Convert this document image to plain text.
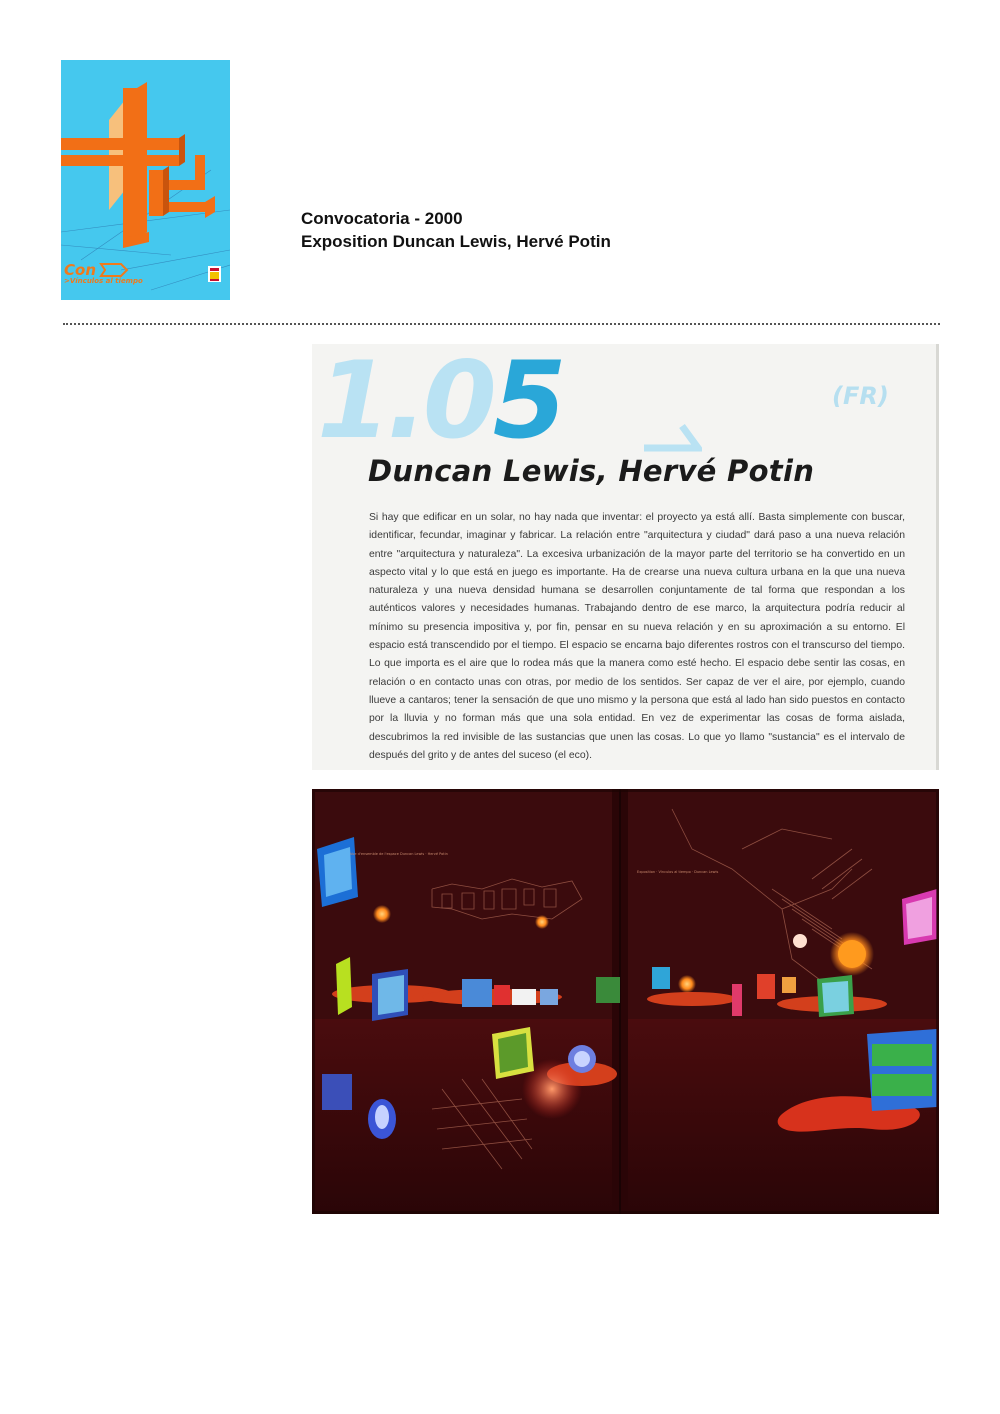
Con
>Vínculos al tiempo
Convocatoria - 2000
Exposition Duncan Lewis, Hervé Potin
1.05	(FR)
Duncan Lewis, Hervé Potin
Si hay que edificar en un solar, no hay nada que inventar: el proyecto ya está allí. Basta simplemente con buscar, identificar, fecundar, imaginar y fabricar. La relación entre "arquitectura y ciudad" dará paso a una nueva relación entre "arquitectura y naturaleza". La excesiva urbanización de la mayor parte del territorio se ha convertido en un aspecto vital y lo que está en juego es importante. Ha de crearse una nueva cultura urbana en la que una nueva naturaleza y una nueva densidad humana se desarrollen conjuntamente de tal forma que respondan a los auténticos valores y necesidades humanas. Trabajando dentro de ese marco, la arquitectura podría reducir al mínimo su presencia impositiva y, por fin, pensar en su nueva relación y en su aproximación a su entorno. El espacio está transcendido por el tiempo. El espacio se encarna bajo diferentes rostros con el transcurso del tiempo. Lo que importa es el aire que lo rodea más que la manera como esté hecho. El espacio debe sentir las cosas, en relación o en contacto unas con otras, por medio de los sentidos. Ser capaz de ver el aire, por ejemplo, cuando llueve a cantaros; tener la sensación de que uno mismo y la persona que está al lado han sido puestos en contacto por la lluvia y no forman más que una sola entidad. En vez de experimentar las cosas de forma aislada, descubrimos la red invisible de las sustancias que unen las cosas. Lo que yo llamo "sustancia" es el intervalo de después del grito y de antes del suceso (el eco).
Vue d'ensemble de l'espace Duncan Lewis · Hervé Potin
Exposition · Vínculos al tiempo · Duncan Lewis
